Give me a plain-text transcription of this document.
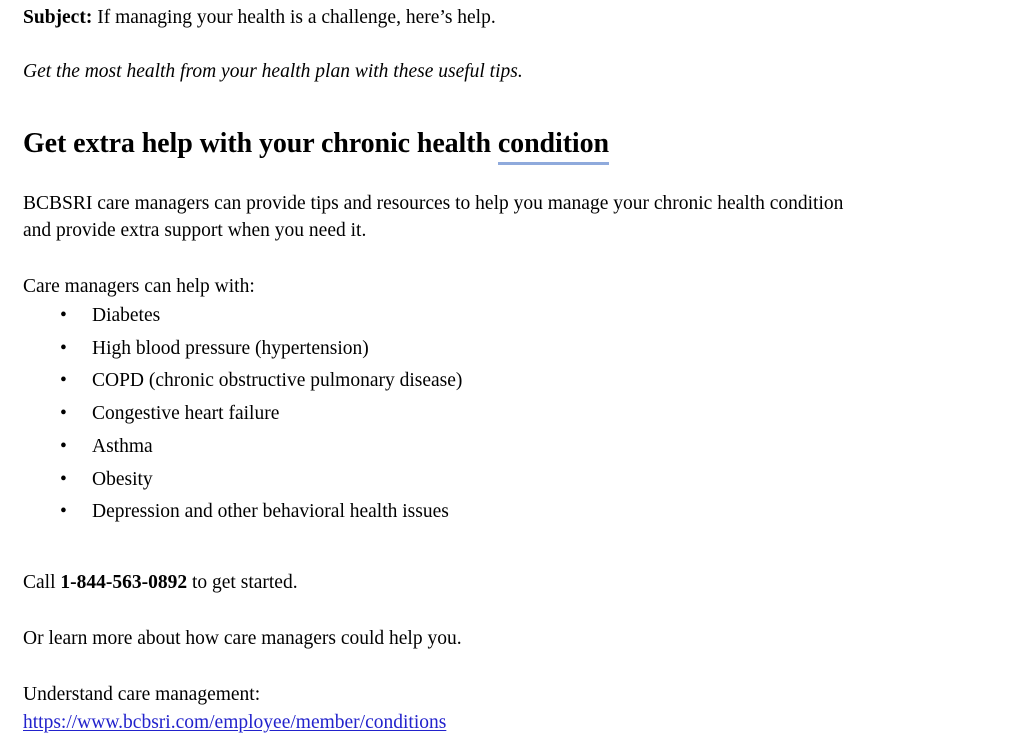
Subject: If managing your health is a challenge, here’s help.

Get the most health from your health plan with these useful tips.

Get extra help with your chronic health condition

BCBSRI care managers can provide tips and resources to help you manage your chronic health condition and provide extra support when you need it.

Care managers can help with:

• Diabetes
• High blood pressure (hypertension)
• COPD (chronic obstructive pulmonary disease)
• Congestive heart failure
• Asthma
• Obesity
• Depression and other behavioral health issues

Call 1-844-563-0892 to get started.

Or learn more about how care managers could help you.

Understand care management:
https://www.bcbsri.com/employee/member/conditions
